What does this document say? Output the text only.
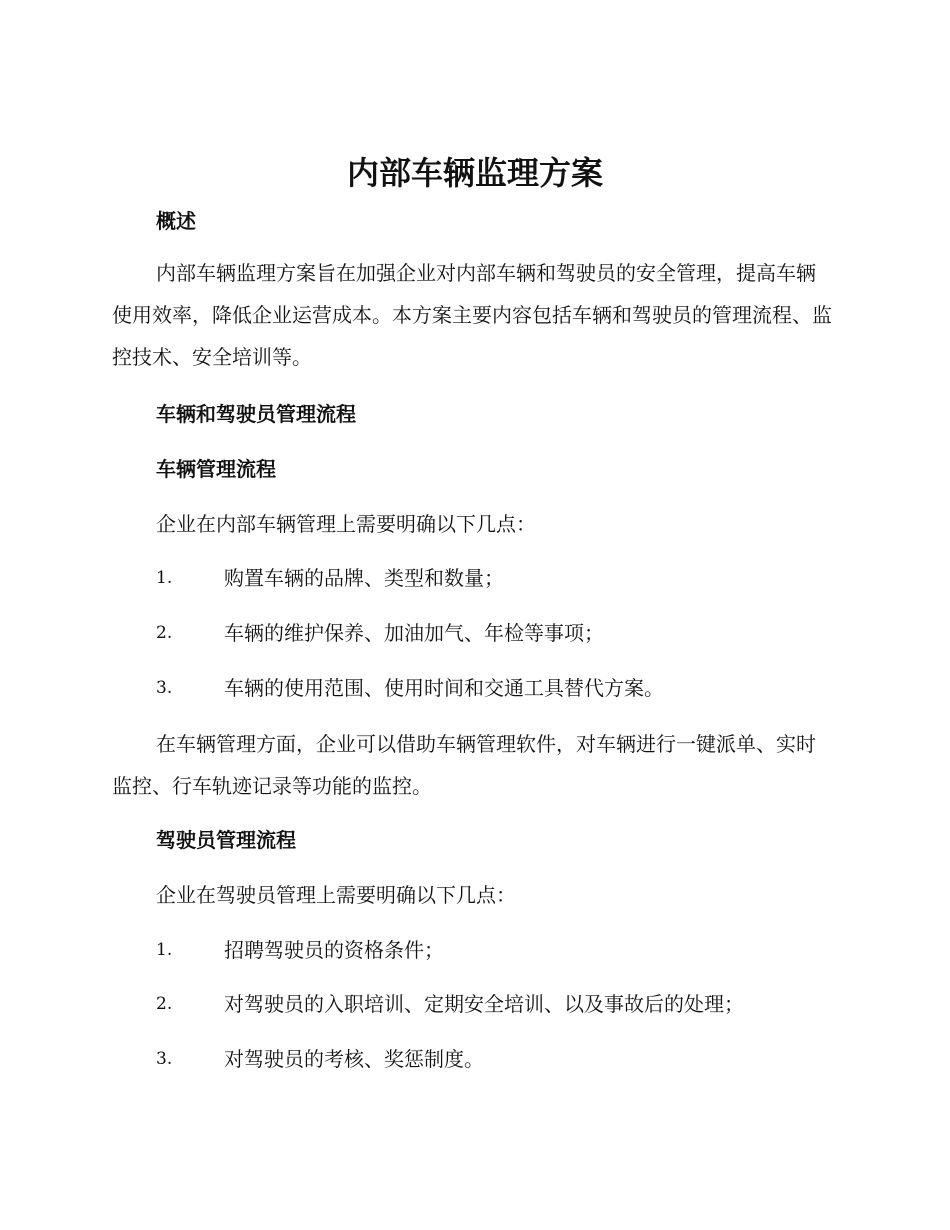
内部车辆监理方案
概述

内部车辆监理方案旨在加强企业对内部车辆和驾驶员的安全管理，提高车辆使用效率，降低企业运营成本。本方案主要内容包括车辆和驾驶员的管理流程、监控技术、安全培训等。

车辆和驾驶员管理流程
车辆管理流程

企业在内部车辆管理上需要明确以下几点：

1.	购置车辆的品牌、类型和数量；
2.	车辆的维护保养、加油加气、年检等事项；
3.	车辆的使用范围、使用时间和交通工具替代方案。

在车辆管理方面，企业可以借助车辆管理软件，对车辆进行一键派单、实时监控、行车轨迹记录等功能的监控。

驾驶员管理流程

企业在驾驶员管理上需要明确以下几点：

1.	招聘驾驶员的资格条件；
2.	对驾驶员的入职培训、定期安全培训、以及事故后的处理；
3.	对驾驶员的考核、奖惩制度。
